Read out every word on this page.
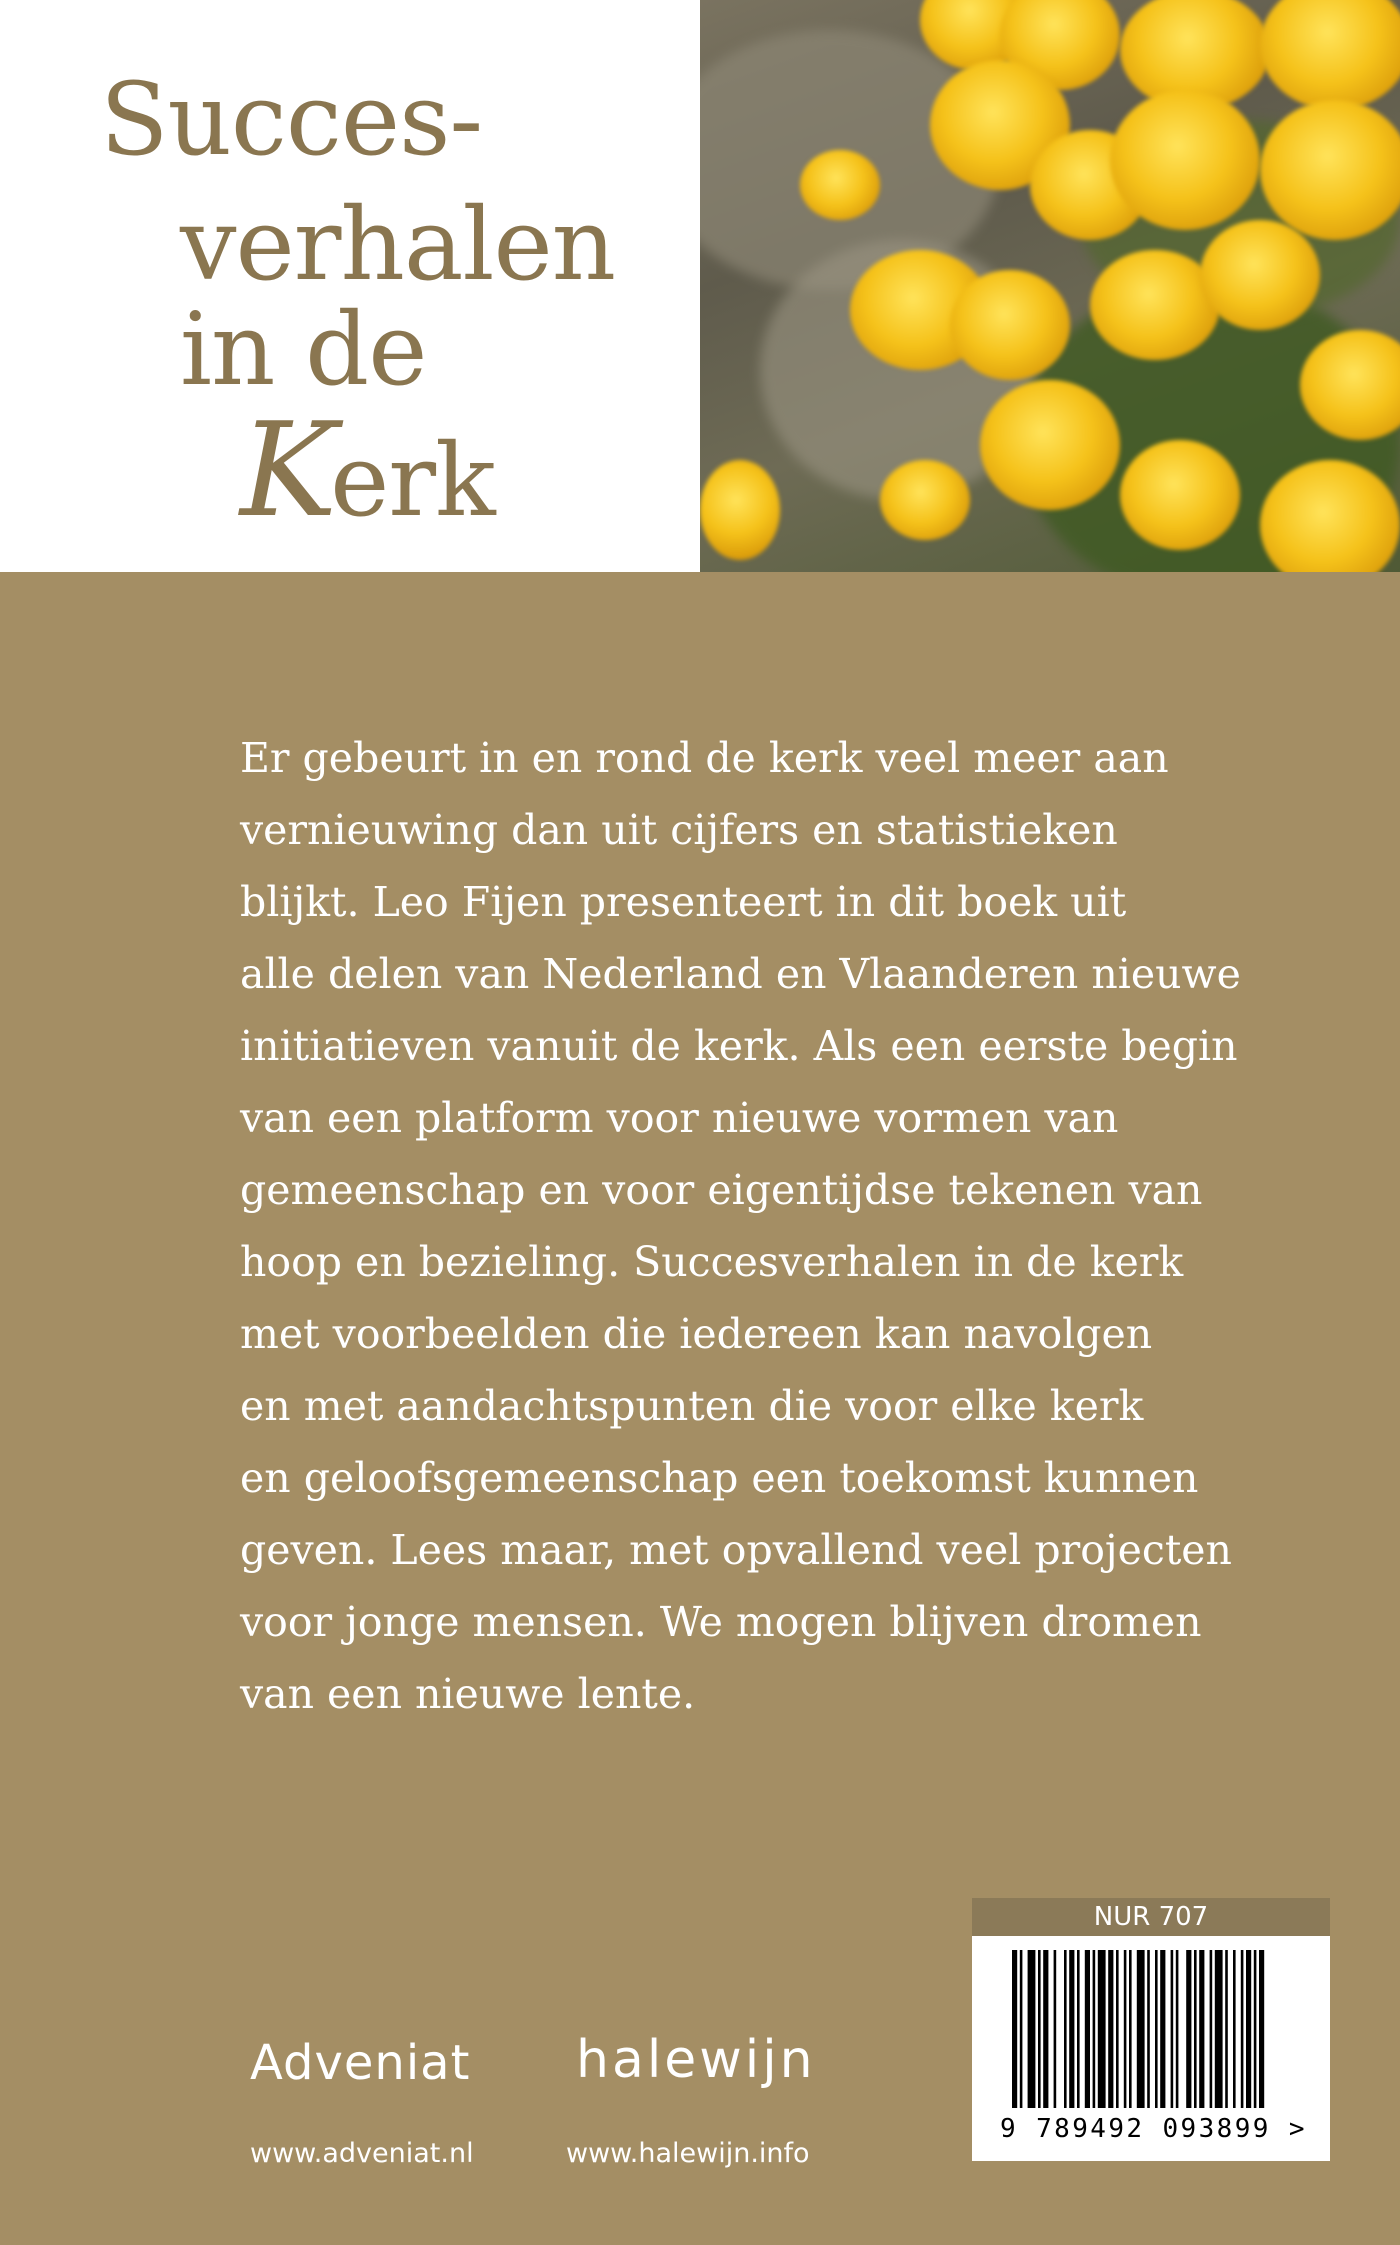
Succes-
verhalen
in de
Kerk
Er gebeurt in en rond de kerk veel meer aan
vernieuwing dan uit cijfers en statistieken
blijkt. Leo Fijen presenteert in dit boek uit
alle delen van Nederland en Vlaanderen nieuwe
initiatieven vanuit de kerk. Als een eerste begin
van een platform voor nieuwe vormen van
gemeenschap en voor eigentijdse tekenen van
hoop en bezieling. Succesverhalen in de kerk
met voorbeelden die iedereen kan navolgen
en met aandachtspunten die voor elke kerk
en geloofsgemeenschap een toekomst kunnen
geven. Lees maar, met opvallend veel projecten
voor jonge mensen. We mogen blijven dromen
van een nieuwe lente.
Adveniat halewijn
www.adveniat.nl	www.halewijn.info
NUR 707
9 789492 093899 >
